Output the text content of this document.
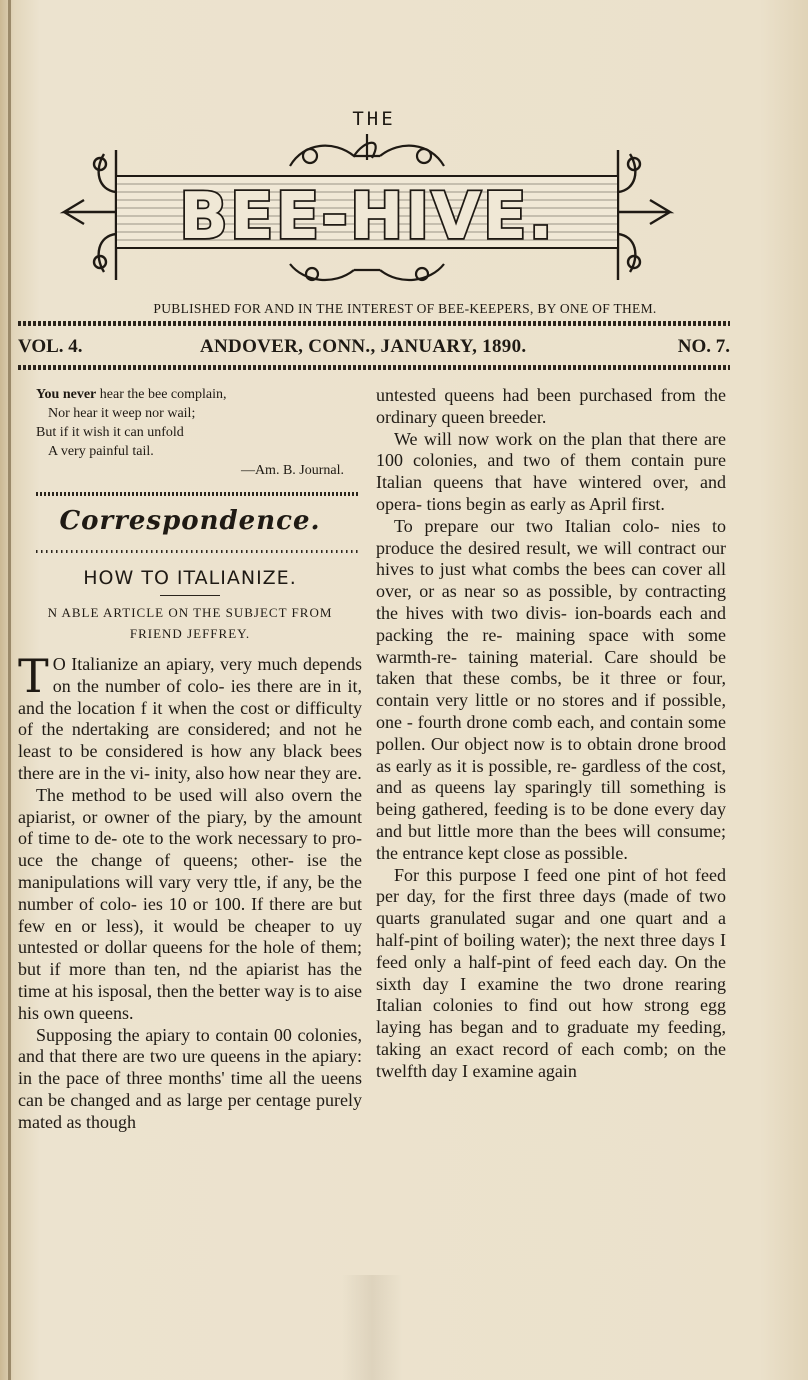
THE
BEE-HIVE.
PUBLISHED FOR AND IN THE INTEREST OF BEE-KEEPERS, BY ONE OF THEM.
VOL. 4.	ANDOVER, CONN., JANUARY, 1890.	NO. 7.
You never hear the bee complain,
Nor hear it weep nor wail;
But if it wish it can unfold
A very painful tail.
—Am. B. Journal.
Correspondence.
HOW TO ITALIANIZE.
N ABLE ARTICLE ON THE SUBJECT FROM
FRIEND JEFFREY.

T O Italianize an apiary, very much depends on the number of colo- ies there are in it, and the location f it when the cost or difficulty of the ndertaking are considered; and not he least to be considered is how any black bees there are in the vi- inity, also how near they are.

The method to be used will also overn the apiarist, or owner of the piary, by the amount of time to de- ote to the work necessary to pro- uce the change of queens; other- ise the manipulations will vary very ttle, if any, be the number of colo- ies 10 or 100. If there are but few en or less), it would be cheaper to uy untested or dollar queens for the hole of them; but if more than ten, nd the apiarist has the time at his isposal, then the better way is to aise his own queens.

Supposing the apiary to contain 00 colonies, and that there are two ure queens in the apiary: in the pace of three months' time all the ueens can be changed and as large per centage purely mated as though

untested queens had been purchased from the ordinary queen breeder.

We will now work on the plan that there are 100 colonies, and two of them contain pure Italian queens that have wintered over, and opera- tions begin as early as April first.

To prepare our two Italian colo- nies to produce the desired result, we will contract our hives to just what combs the bees can cover all over, or as near so as possible, by contracting the hives with two divis- ion-boards each and packing the re- maining space with some warmth-re- taining material. Care should be taken that these combs, be it three or four, contain very little or no stores and if possible, one - fourth drone comb each, and contain some pollen. Our object now is to obtain drone brood as early as it is possible, re- gardless of the cost, and as queens lay sparingly till something is being gathered, feeding is to be done every day and but little more than the bees will consume; the entrance kept close as possible.

For this purpose I feed one pint of hot feed per day, for the first three days (made of two quarts granulated sugar and one quart and a half-pint of boiling water); the next three days I feed only a half-pint of feed each day. On the sixth day I examine the two drone rearing Italian colonies to find out how strong egg laying has began and to graduate my feeding, taking an exact record of each comb; on the twelfth day I examine again
